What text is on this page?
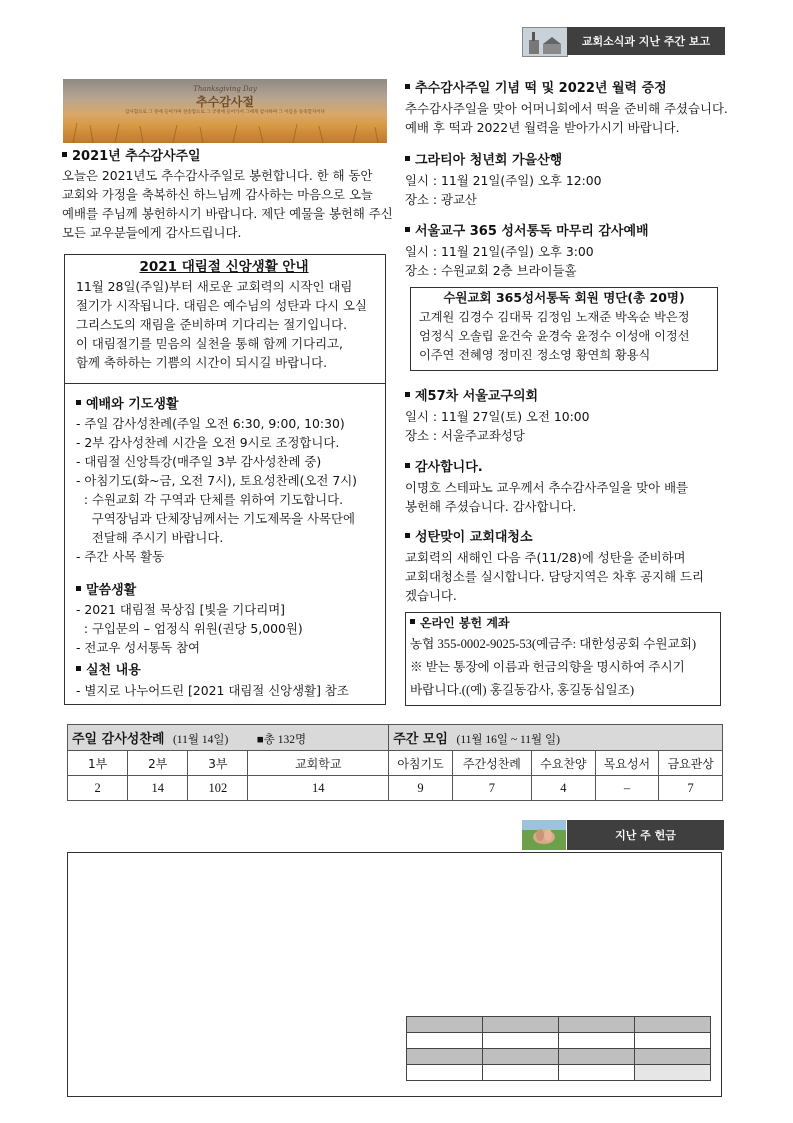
교회소식과 지난 주간 보고
Thanksgiving Day
추수감사절
감사함으로 그 문에 들어가며 찬송함으로 그 궁정에 들어가서 그에게 감사하며 그 이름을 송축할지어다
2021년 추수감사주일
오늘은 2021년도 추수감사주일로 봉헌합니다. 한 해 동안
교회와 가정을 축복하신 하느님께 감사하는 마음으로 오늘
예배를 주님께 봉헌하시기 바랍니다. 제단 예물을 봉헌해 주신
모든 교우분들에게 감사드립니다.
2021 대림절 신앙생활 안내
11월 28일(주일)부터 새로운 교회력의 시작인 대림
절기가 시작됩니다. 대림은 예수님의 성탄과 다시 오실
그리스도의 재림을 준비하며 기다리는 절기입니다.
이 대림절기를 믿음의 실천을 통해 함께 기다리고,
함께 축하하는 기쁨의 시간이 되시길 바랍니다.
예배와 기도생활
- 주일 감사성찬례(주일 오전 6:30, 9:00, 10:30)
- 2부 감사성찬례 시간을 오전 9시로 조정합니다.
- 대림절 신앙특강(매주일 3부 감사성찬례 중)
- 아침기도(화~금, 오전 7시), 토요성찬례(오전 7시)
: 수원교회 각 구역과 단체를 위하여 기도합니다.
구역장님과 단체장님께서는 기도제목을 사목단에
전달해 주시기 바랍니다.
- 주간 사목 활동
말씀생활
- 2021 대림절 묵상집 [빛을 기다리며]
: 구입문의 – 엄정식 위원(권당 5,000원)
- 전교우 성서통독 참여
실천 내용
- 별지로 나누어드린 [2021 대림절 신앙생활] 참조
추수감사주일 기념 떡 및 2022년 월력 증정
추수감사주일을 맞아 어머니회에서 떡을 준비해 주셨습니다.
예배 후 떡과 2022년 월력을 받아가시기 바랍니다.
그라티아 청년회 가을산행
일시 : 11월 21일(주일) 오후 12:00
장소 : 광교산
서울교구 365 성서통독 마무리 감사예배
일시 : 11월 21일(주일) 오후 3:00
장소 : 수원교회 2층 브라이들홀
수원교회 365성서통독 회원 명단(총 20명)
고계원 김경수 김대묵 김정임 노재준 박옥순 박은정
엄정식 오솔립 윤건숙 윤경숙 윤정수 이성애 이정선
이주연 전혜영 정미진 정소영 황연희 황용식
제57차 서울교구의회
일시 : 11월 27일(토) 오전 10:00
장소 : 서울주교좌성당
감사합니다.
이명호 스테파노 교우께서 추수감사주일을 맞아 배를
봉헌해 주셨습니다. 감사합니다.
성탄맞이 교회대청소
교회력의 새해인 다음 주(11/28)에 성탄을 준비하며
교회대청소를 실시합니다. 담당지역은 차후 공지해 드리
겠습니다.
온라인 봉헌 계좌
농협 355-0002-9025-53(예금주: 대한성공회 수원교회)
※ 받는 통장에 이름과 헌금의향을 명시하여 주시기
바랍니다.((예) 홍길동감사, 홍길동십일조)
주일 감사성찬례 (11월 14일) ■총 132명				주간 모임 (11월 16일 ~ 11월 일)				
1부	2부	3부	교회학교	아침기도	주간성찬례	수요찬양	목요성서	금요관상
2	14	102	14	9	7	4	–	7
지난 주 헌금
